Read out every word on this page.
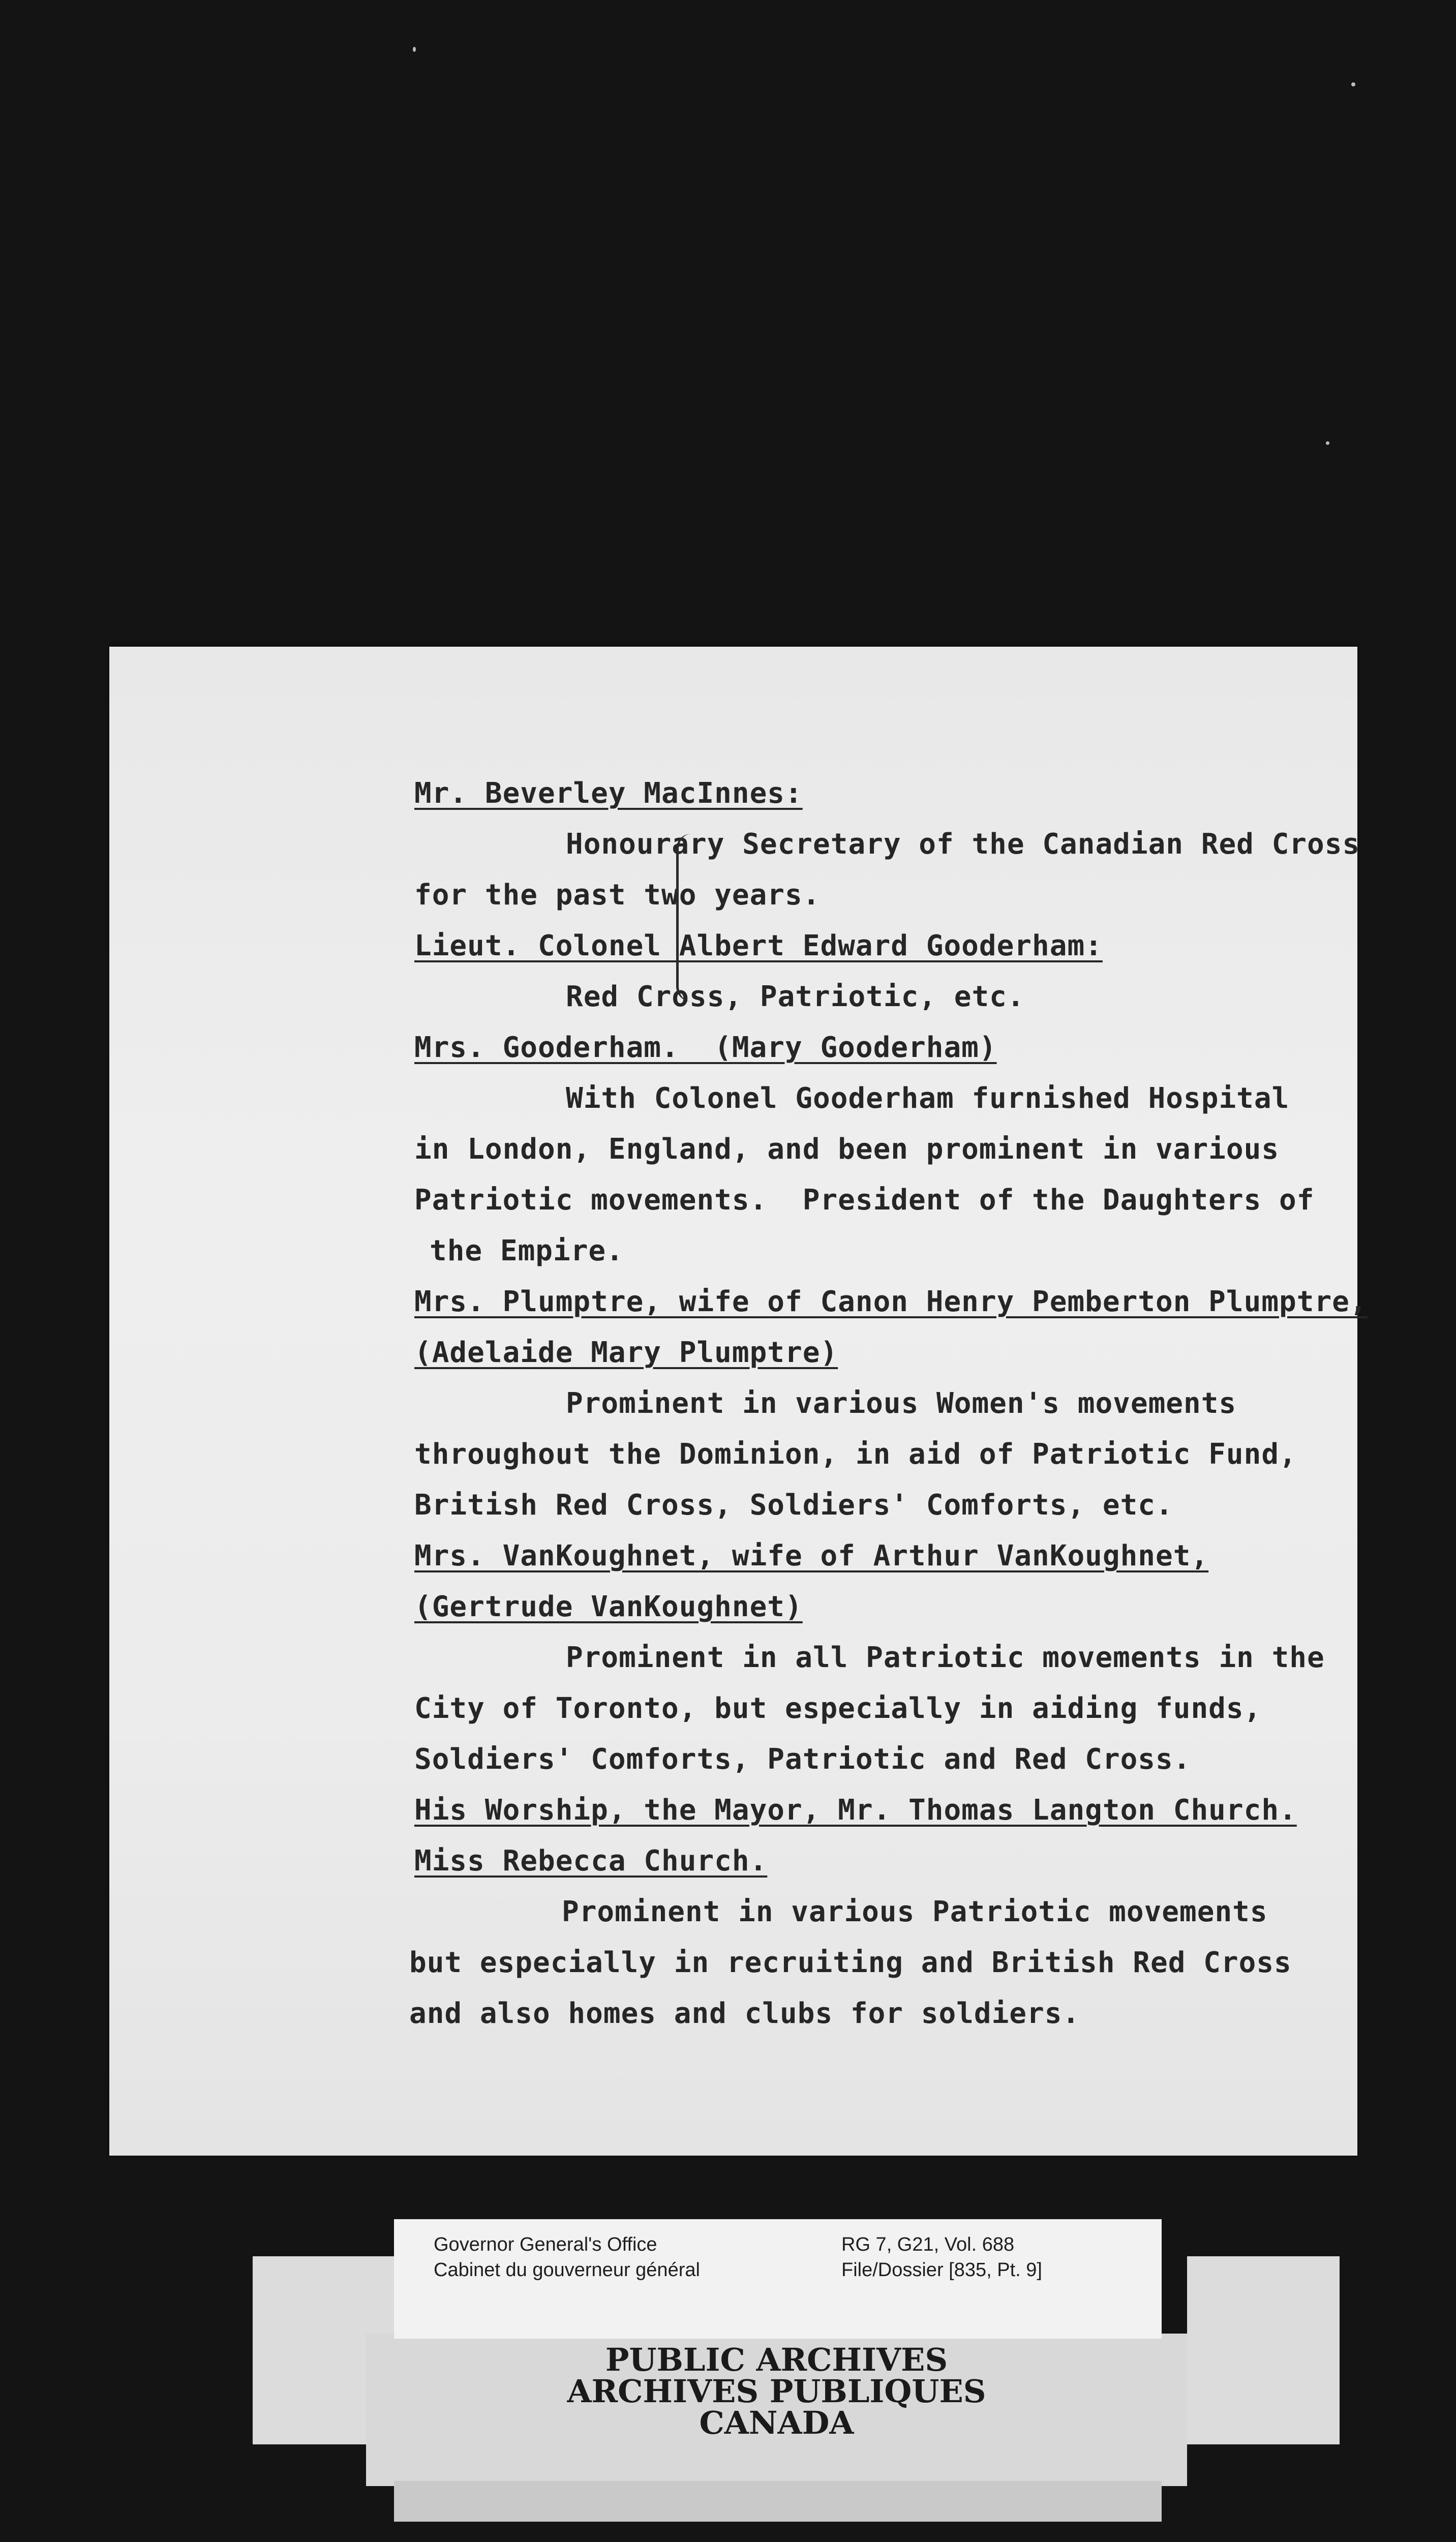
Mr. Beverley MacInnes:
Honourary Secretary of the Canadian Red Cross
for the past two years.
Lieut. Colonel Albert Edward Gooderham:
Red Cross, Patriotic, etc.
Mrs. Gooderham.  (Mary Gooderham)
With Colonel Gooderham furnished Hospital
in London, England, and been prominent in various
Patriotic movements.  President of the Daughters of
the Empire.
Mrs. Plumptre, wife of Canon Henry Pemberton Plumptre,
(Adelaide Mary Plumptre)
Prominent in various Women's movements
throughout the Dominion, in aid of Patriotic Fund,
British Red Cross, Soldiers' Comforts, etc.
Mrs. VanKoughnet, wife of Arthur VanKoughnet,
(Gertrude VanKoughnet)
Prominent in all Patriotic movements in the
City of Toronto, but especially in aiding funds,
Soldiers' Comforts, Patriotic and Red Cross.
His Worship, the Mayor, Mr. Thomas Langton Church.
Miss Rebecca Church.
Prominent in various Patriotic movements
but especially in recruiting and British Red Cross
and also homes and clubs for soldiers.
Governor General's Office
Cabinet du gouverneur général
RG 7, G21, Vol. 688
File/Dossier [835, Pt. 9]
PUBLIC ARCHIVES
ARCHIVES PUBLIQUES
CANADA
